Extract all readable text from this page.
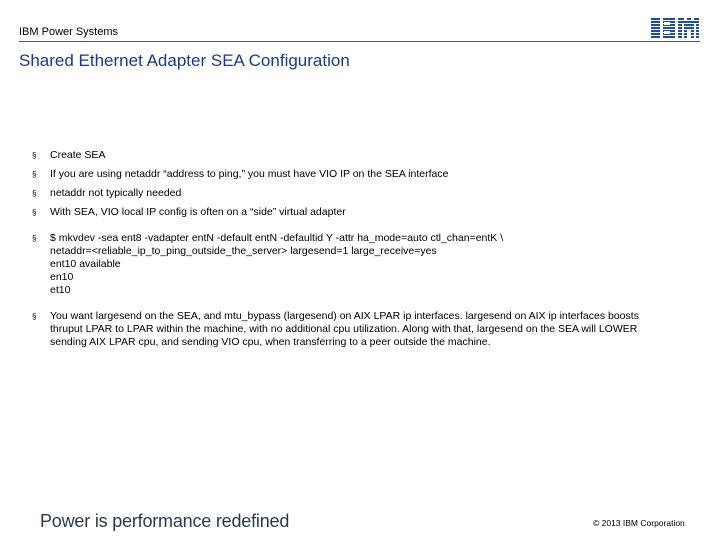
IBM Power Systems
Shared Ethernet Adapter SEA Configuration
§	Create SEA
§	If you are using netaddr “address to ping,” you must have VIO IP on the SEA interface
§	netaddr not typically needed
§	With SEA, VIO local IP config is often on a “side” virtual adapter
§	$ mkvdev -sea ent8 -vadapter entN -default entN -defaultid Y -attr ha_mode=auto ctl_chan=entK \
netaddr=<reliable_ip_to_ping_outside_the_server> largesend=1 large_receive=yes
ent10 available
en10
et10
§	You want largesend on the SEA, and mtu_bypass (largesend) on AIX LPAR ip interfaces. largesend on AIX ip interfaces boosts thruput LPAR to LPAR within the machine, with no additional cpu utilization. Along with that, largesend on the SEA will LOWER sending AIX LPAR cpu, and sending VIO cpu, when transferring to a peer outside the machine.
Power is performance redefined	© 2013 IBM Corporation
